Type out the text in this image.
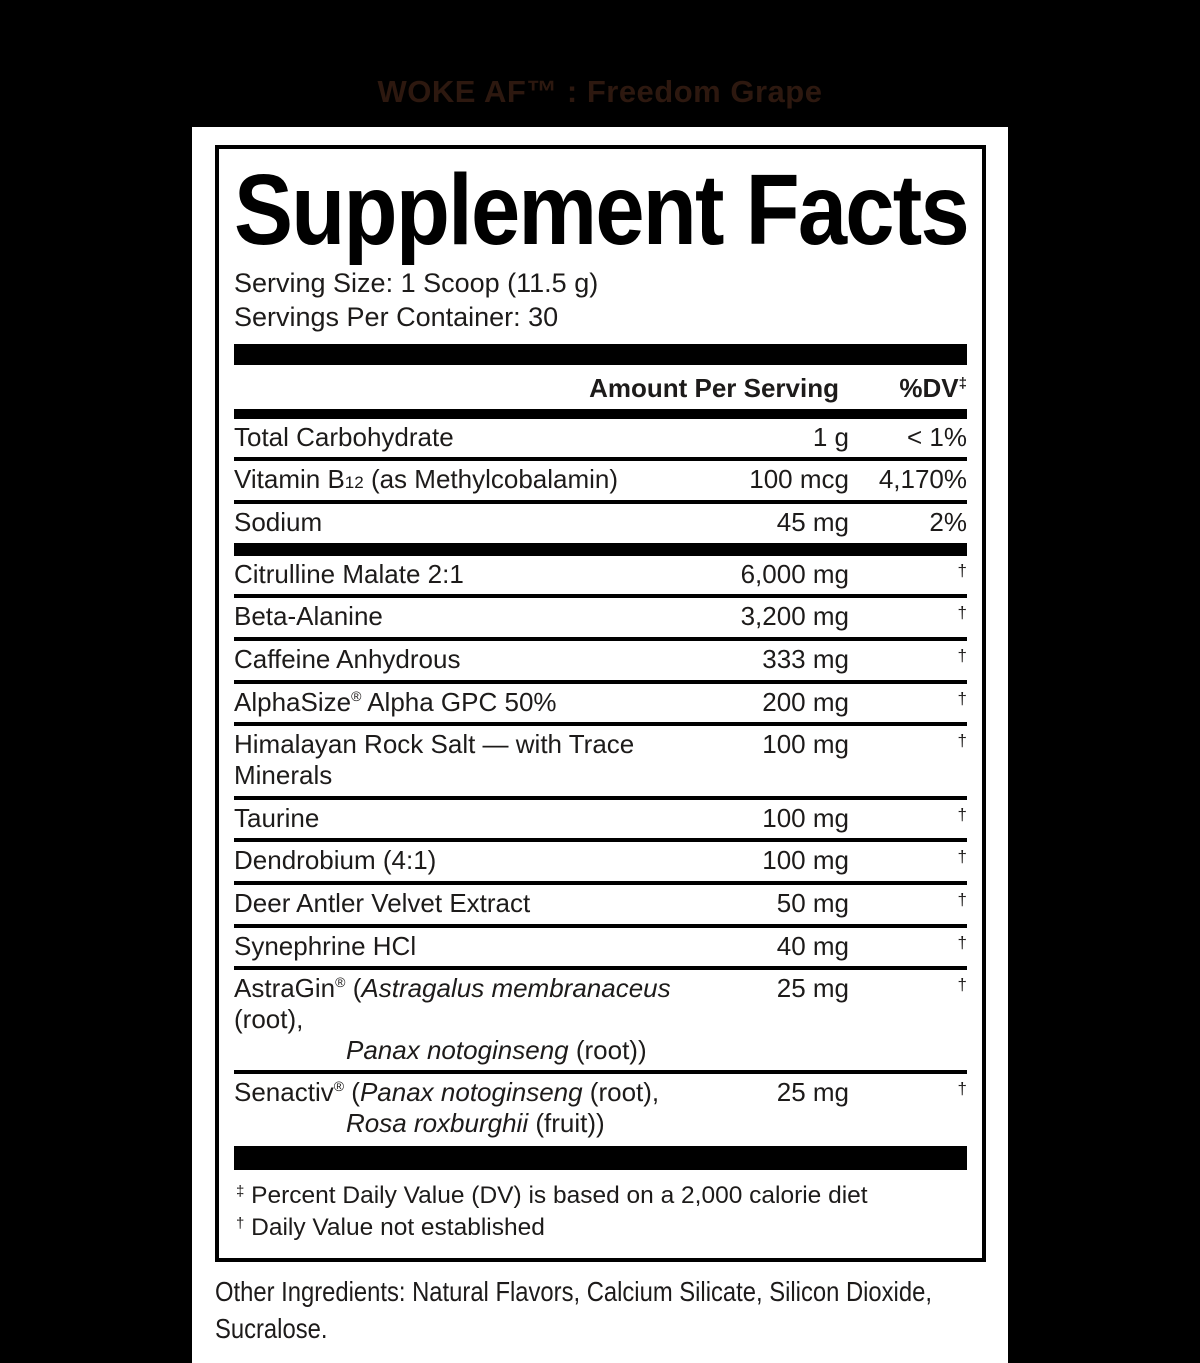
WOKE AF™ : Freedom Grape
Supplement Facts
Serving Size: 1 Scoop (11.5 g)
Servings Per Container: 30
Amount Per Serving	%DV‡
Total Carbohydrate	1 g	< 1%
Vitamin B12 (as Methylcobalamin)	100 mcg	4,170%
Sodium	45 mg	2%
Citrulline Malate 2:1	6,000 mg	†
Beta-Alanine	3,200 mg	†
Caffeine Anhydrous	333 mg	†
AlphaSize® Alpha GPC 50%	200 mg	†
Himalayan Rock Salt — with Trace Minerals
100 mg	†
Taurine	100 mg	†
Dendrobium (4:1)	100 mg	†
Deer Antler Velvet Extract	50 mg	†
Synephrine HCl	40 mg	†
AstraGin® (Astragalus membranaceus (root),
Panax notoginseng (root))
25 mg	†
Senactiv® (Panax notoginseng (root),
Rosa roxburghii (fruit))
25 mg	†
‡ Percent Daily Value (DV) is based on a 2,000 calorie diet
† Daily Value not established
Other Ingredients: Natural Flavors, Calcium Silicate, Silicon Dioxide, Sucralose.
